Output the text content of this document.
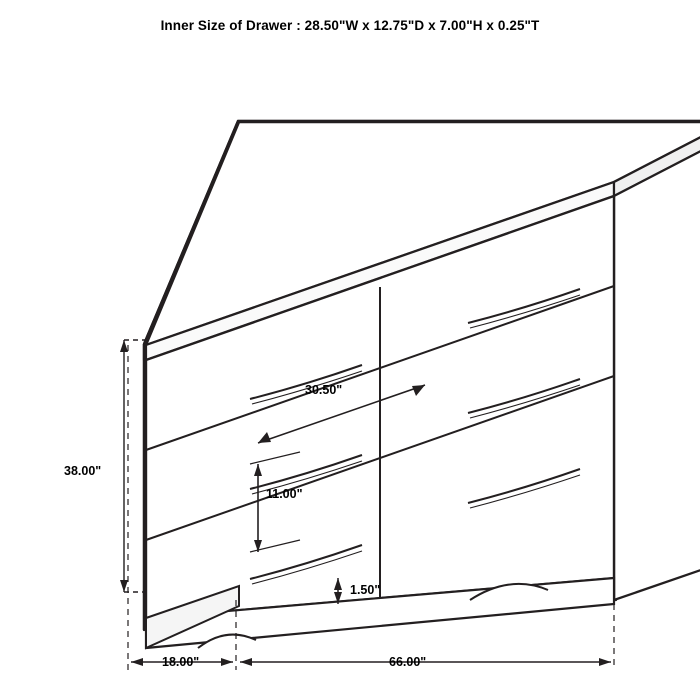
Inner Size of Drawer : 28.50"W x 12.75"D x 7.00"H x 0.25"T
38.00"
18.00"	66.00"
30.50"
11.00"
1.50"
